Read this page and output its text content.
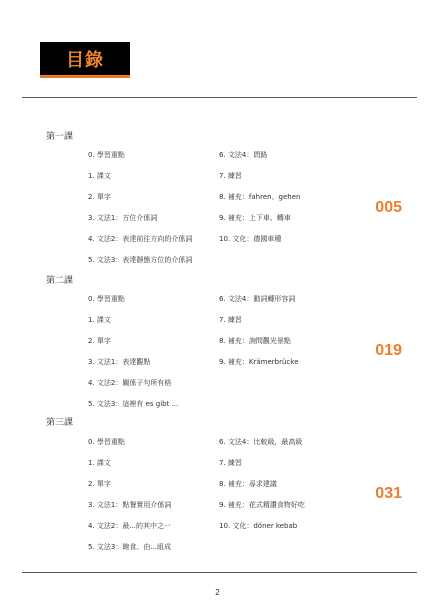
目錄
第一課
0. 學習重點
1. 課文
2. 單字
3. 文法1：方位介係詞
4. 文法2：表達前往方向的介係詞
5. 文法3：表達靜態方位的介係詞
6. 文法4：問路
7. 練習
8. 補充：fahren、gehen
9. 補充：上下車、轉車
10. 文化：德國車種
005
第二課
0. 學習重點
1. 課文
2. 單字
3. 文法1：表達觀點
4. 文法2：關係子句所有格
5. 文法3：這裡有 es gibt ...
6. 文法4：動詞轉形容詞
7. 練習
8. 補充：詢問觀光景點
9. 補充：Krämerbrücke
019
第三課
0. 學習重點
1. 課文
2. 單字
3. 文法1：點餐實用介係詞
4. 文法2：最...的其中之一
5. 文法3：飽食、由...組成
6. 文法4：比較級，最高級
7. 練習
8. 補充：尋求建議
9. 補充：花式精讚食物好吃
10. 文化：döner kebab
031
2
